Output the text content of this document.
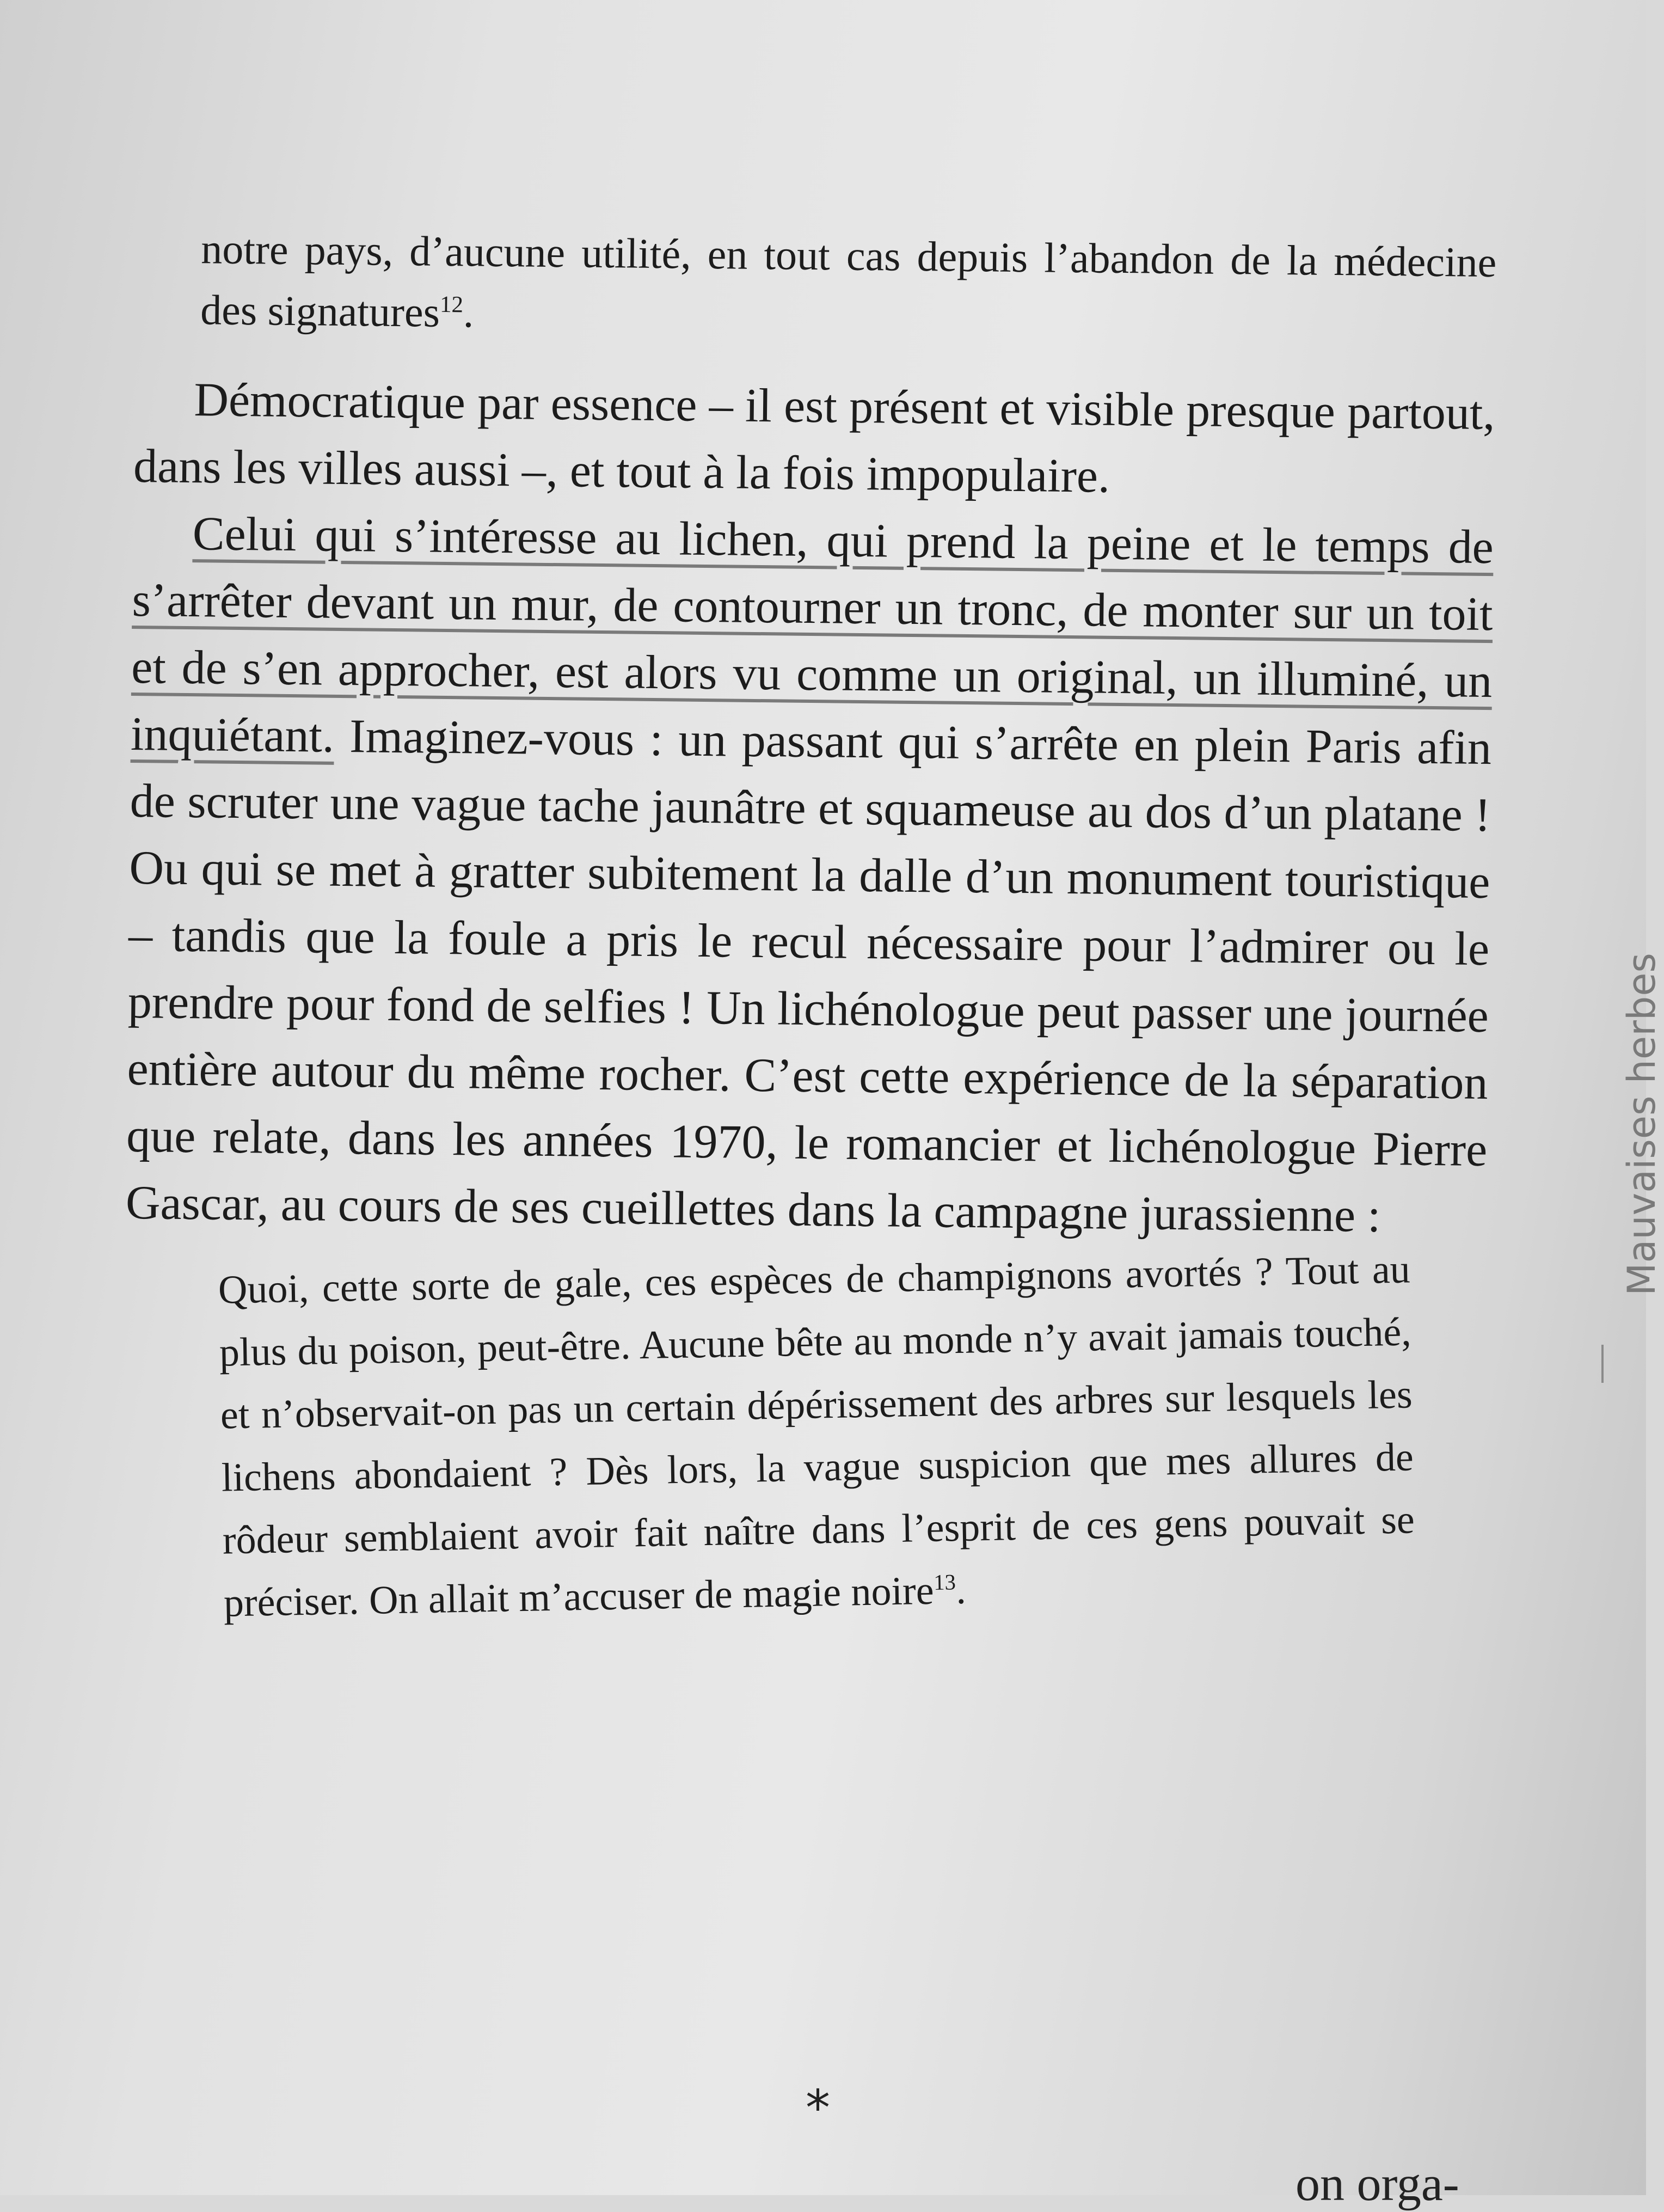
notre pays, d’aucune utilité, en tout cas depuis l’abandon de la médecine des signatures$^{12}$.

Démocratique par essence – il est présent et visible presque partout, dans les villes aussi –, et tout à la fois impopulaire.

Celui qui s’intéresse au lichen, qui prend la peine et le temps de s’arrêter devant un mur, de contourner un tronc, de monter sur un toit et de s’en approcher, est alors vu comme un original, un illuminé, un inquiétant. Imaginez-vous : un passant qui s’arrête en plein Paris afin de scruter une vague tache jaunâtre et squameuse au dos d’un platane ! Ou qui se met à gratter subitement la dalle d’un monument touristique – tandis que la foule a pris le recul nécessaire pour l’admirer ou le prendre pour fond de selfies ! Un lichénologue peut passer une journée entière autour du même rocher. C’est cette expérience de la séparation que relate, dans les années 1970, le romancier et lichénologue Pierre Gascar, au cours de ses cueillettes dans la campagne jurassienne :

Quoi, cette sorte de gale, ces espèces de champignons avortés ? Tout au plus du poison, peut-être. Aucune bête au monde n’y avait jamais touché, et n’observait-on pas un certain dépérissement des arbres sur lesquels les lichens abondaient ? Dès lors, la vague suspicion que mes allures de rôdeur semblaient avoir fait naître dans l’esprit de ces gens pouvait se préciser. On allait m’accuser de magie noire$^{13}$.

*
Mauvaises herbes
on orga-
